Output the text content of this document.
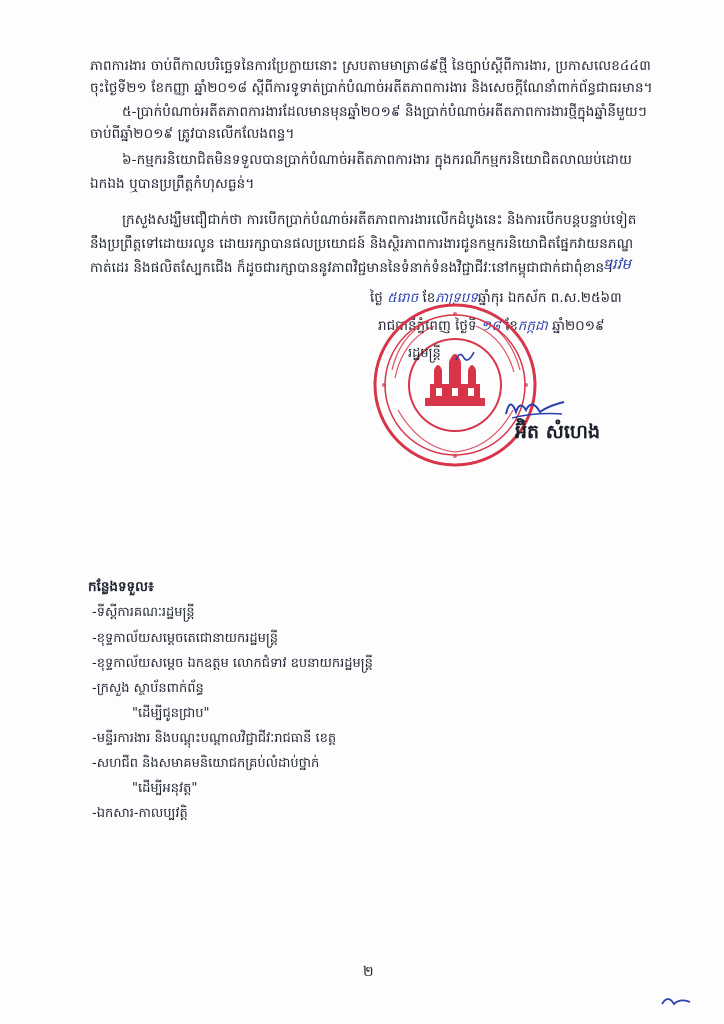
ភាពការងារ ចាប់ពីកាលបរិច្ឆេទនៃការប្រែក្លាយនោះ ស្របតាមមាត្រា៨៩ថ្មី នៃច្បាប់ស្តីពីការងារ, ប្រកាសលេខ៤៤៣
ចុះថ្ងៃទី២១ ខែកញ្ញា ឆ្នាំ២០១៨ ស្តីពីការទូទាត់ប្រាក់បំណាច់អតីតភាពការងារ និងសេចក្តីណែនាំពាក់ព័ន្ធជាធរមាន។
៥-ប្រាក់បំណាច់អតីតភាពការងារដែលមានមុនឆ្នាំ២០១៩ និងប្រាក់បំណាច់អតីតភាពការងារថ្មីក្នុងឆ្នាំនីមួយៗ
ចាប់ពីឆ្នាំ២០១៩ ត្រូវបានលើកលែងពន្ធ។
៦-កម្មករនិយោជិតមិនទទួលបានប្រាក់បំណាច់អតីតភាពការងារ ក្នុងករណីកម្មករនិយោជិតលាឈប់ដោយ
ឯកឯង ឬបានប្រព្រឹត្តកំហុសធ្ងន់។
ក្រសួងសង្ឃឹមជឿជាក់ថា ការបើកប្រាក់បំណាច់អតីតភាពការងារលើកដំបូងនេះ និងការបើកបន្តបន្ទាប់ទៀត
នឹងប្រព្រឹត្តទៅដោយរលូន ដោយរក្សាបានផលប្រយោជន៍ និងស្ថិរភាពការងារជូនកម្មករនិយោជិតផ្នែកវាយនភណ្ឌ
កាត់ដេរ និងផលិតស្បែកជើង ក៏ដូចជារក្សាបាននូវភាពវិជ្ជមាននៃទំនាក់ទំនងវិជ្ជាជីវៈនៅកម្ពុជាជាក់ជាពុំខាន។
ៗរវម
ថ្ងៃ ៥រោច ខែភាទ្របទឆ្នាំកុរ ឯកស័ក ព.ស.២៥៦៣
រាជធានីភ្នំពេញ ថ្ងៃទី ១៨ ខែកក្កដា ឆ្នាំ២០១៩
រដ្ឋមន្ត្រី
អ៊ិត សំហេង
កន្លែងទទួល៖
-ទីស្តីការគណៈរដ្ឋមន្ត្រី
-ខុទ្ទកាល័យសម្តេចតេជោនាយករដ្ឋមន្ត្រី
-ខុទ្ទកាល័យសម្តេច ឯកឧត្តម លោកជំទាវ ឧបនាយករដ្ឋមន្ត្រី
-ក្រសួង ស្ថាប័នពាក់ព័ន្ធ
"ដើម្បីជូនជ្រាប"
-មន្ទីរការងារ និងបណ្តុះបណ្តាលវិជ្ជាជីវៈរាជធានី ខេត្ត
-សហជីព និងសមាគមនិយោជកគ្រប់លំដាប់ថ្នាក់
"ដើម្បីអនុវត្ត"
-ឯកសារ-កាលប្បវត្តិ
២
